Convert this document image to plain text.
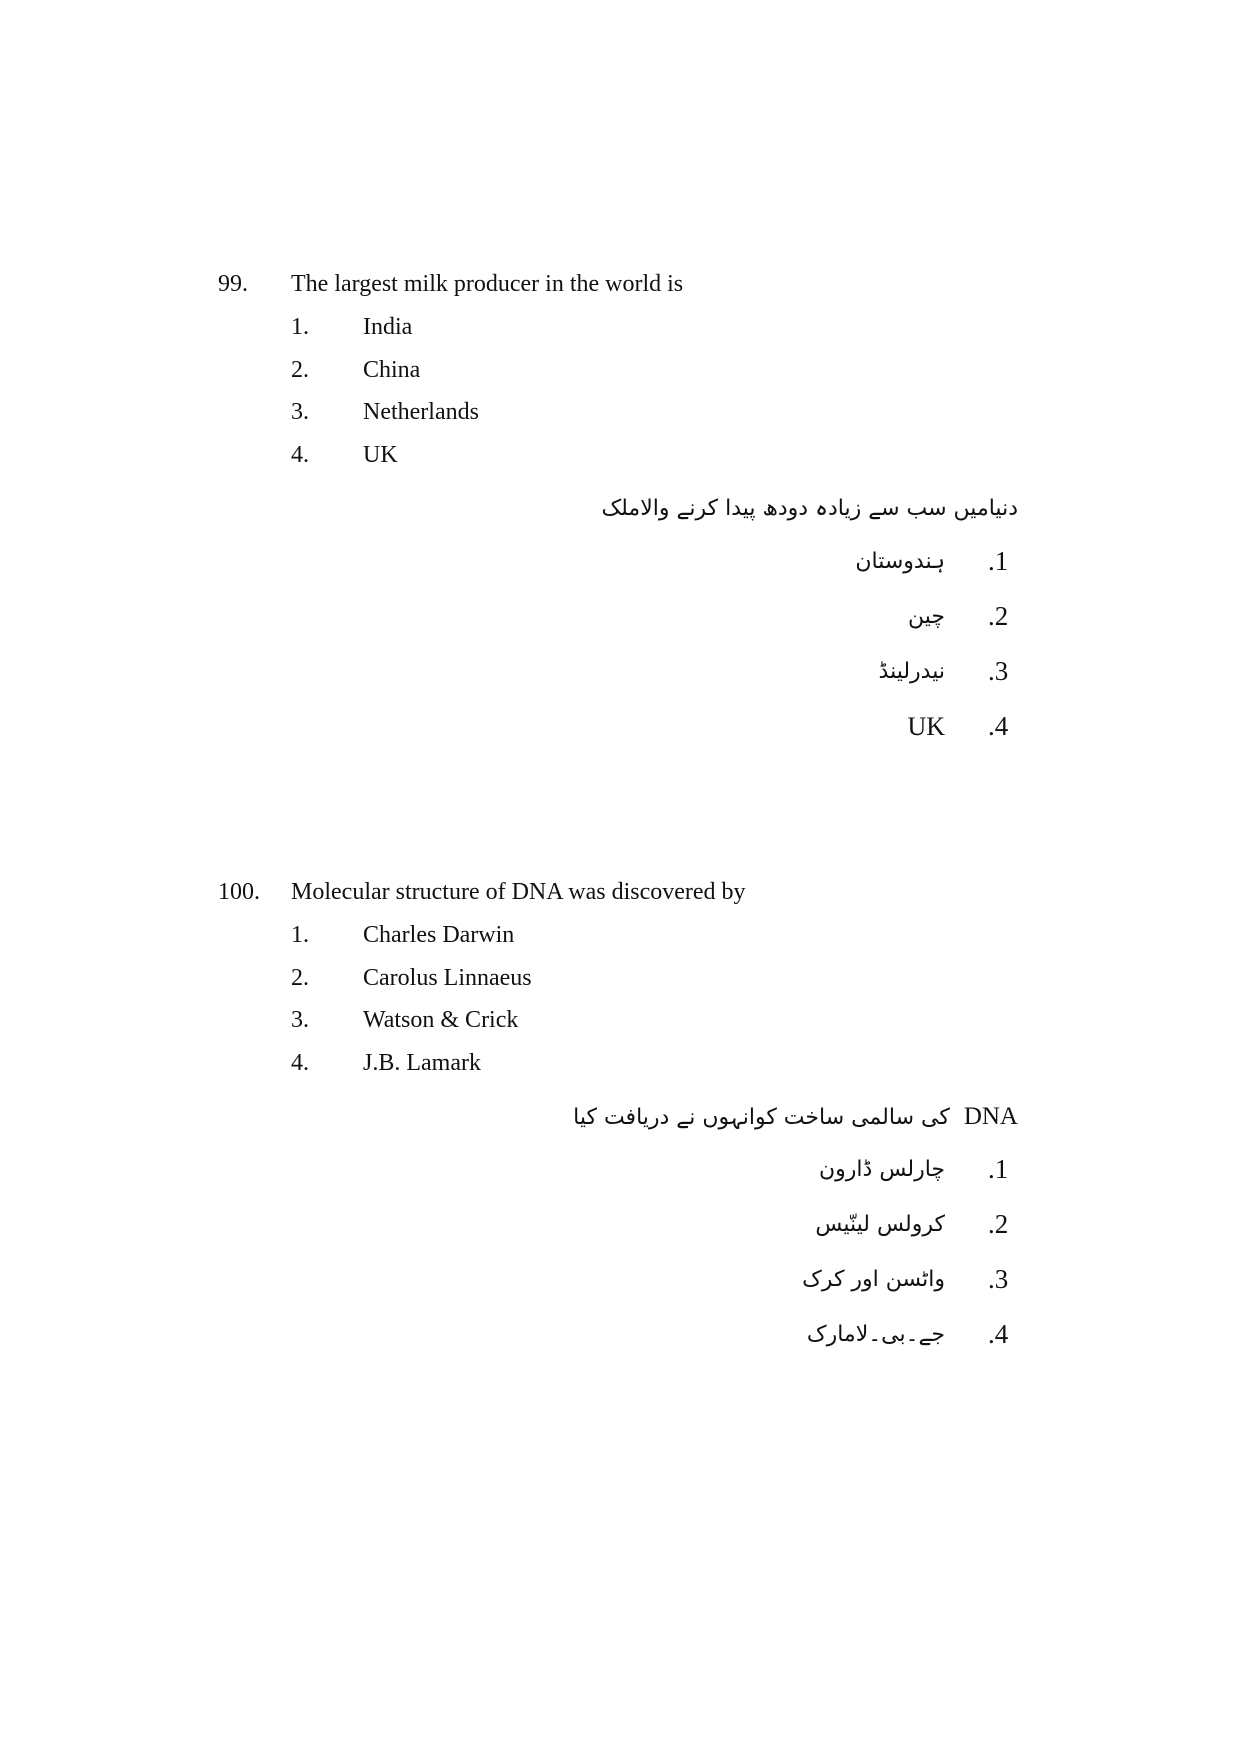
99. The largest milk producer in the world is
1. India
2. China
3. Netherlands
4. UK
دنیامیں سب سے زیادہ دودھ پیدا کرنے والاملک
ہندوستان .1
چین .2
نیدرلینڈ .3
UK .4
100. Molecular structure of DNA was discovered by
1. Charles Darwin
2. Carolus Linnaeus
3. Watson & Crick
4. J.B. Lamark
DNA  کی سالمی ساخت کوانہوں نے دریافت کیا
چارلس ڈارون .1
کرولس لینّیس .2
واٹسن اور کرک .3
جے۔بی۔لامارک .4
